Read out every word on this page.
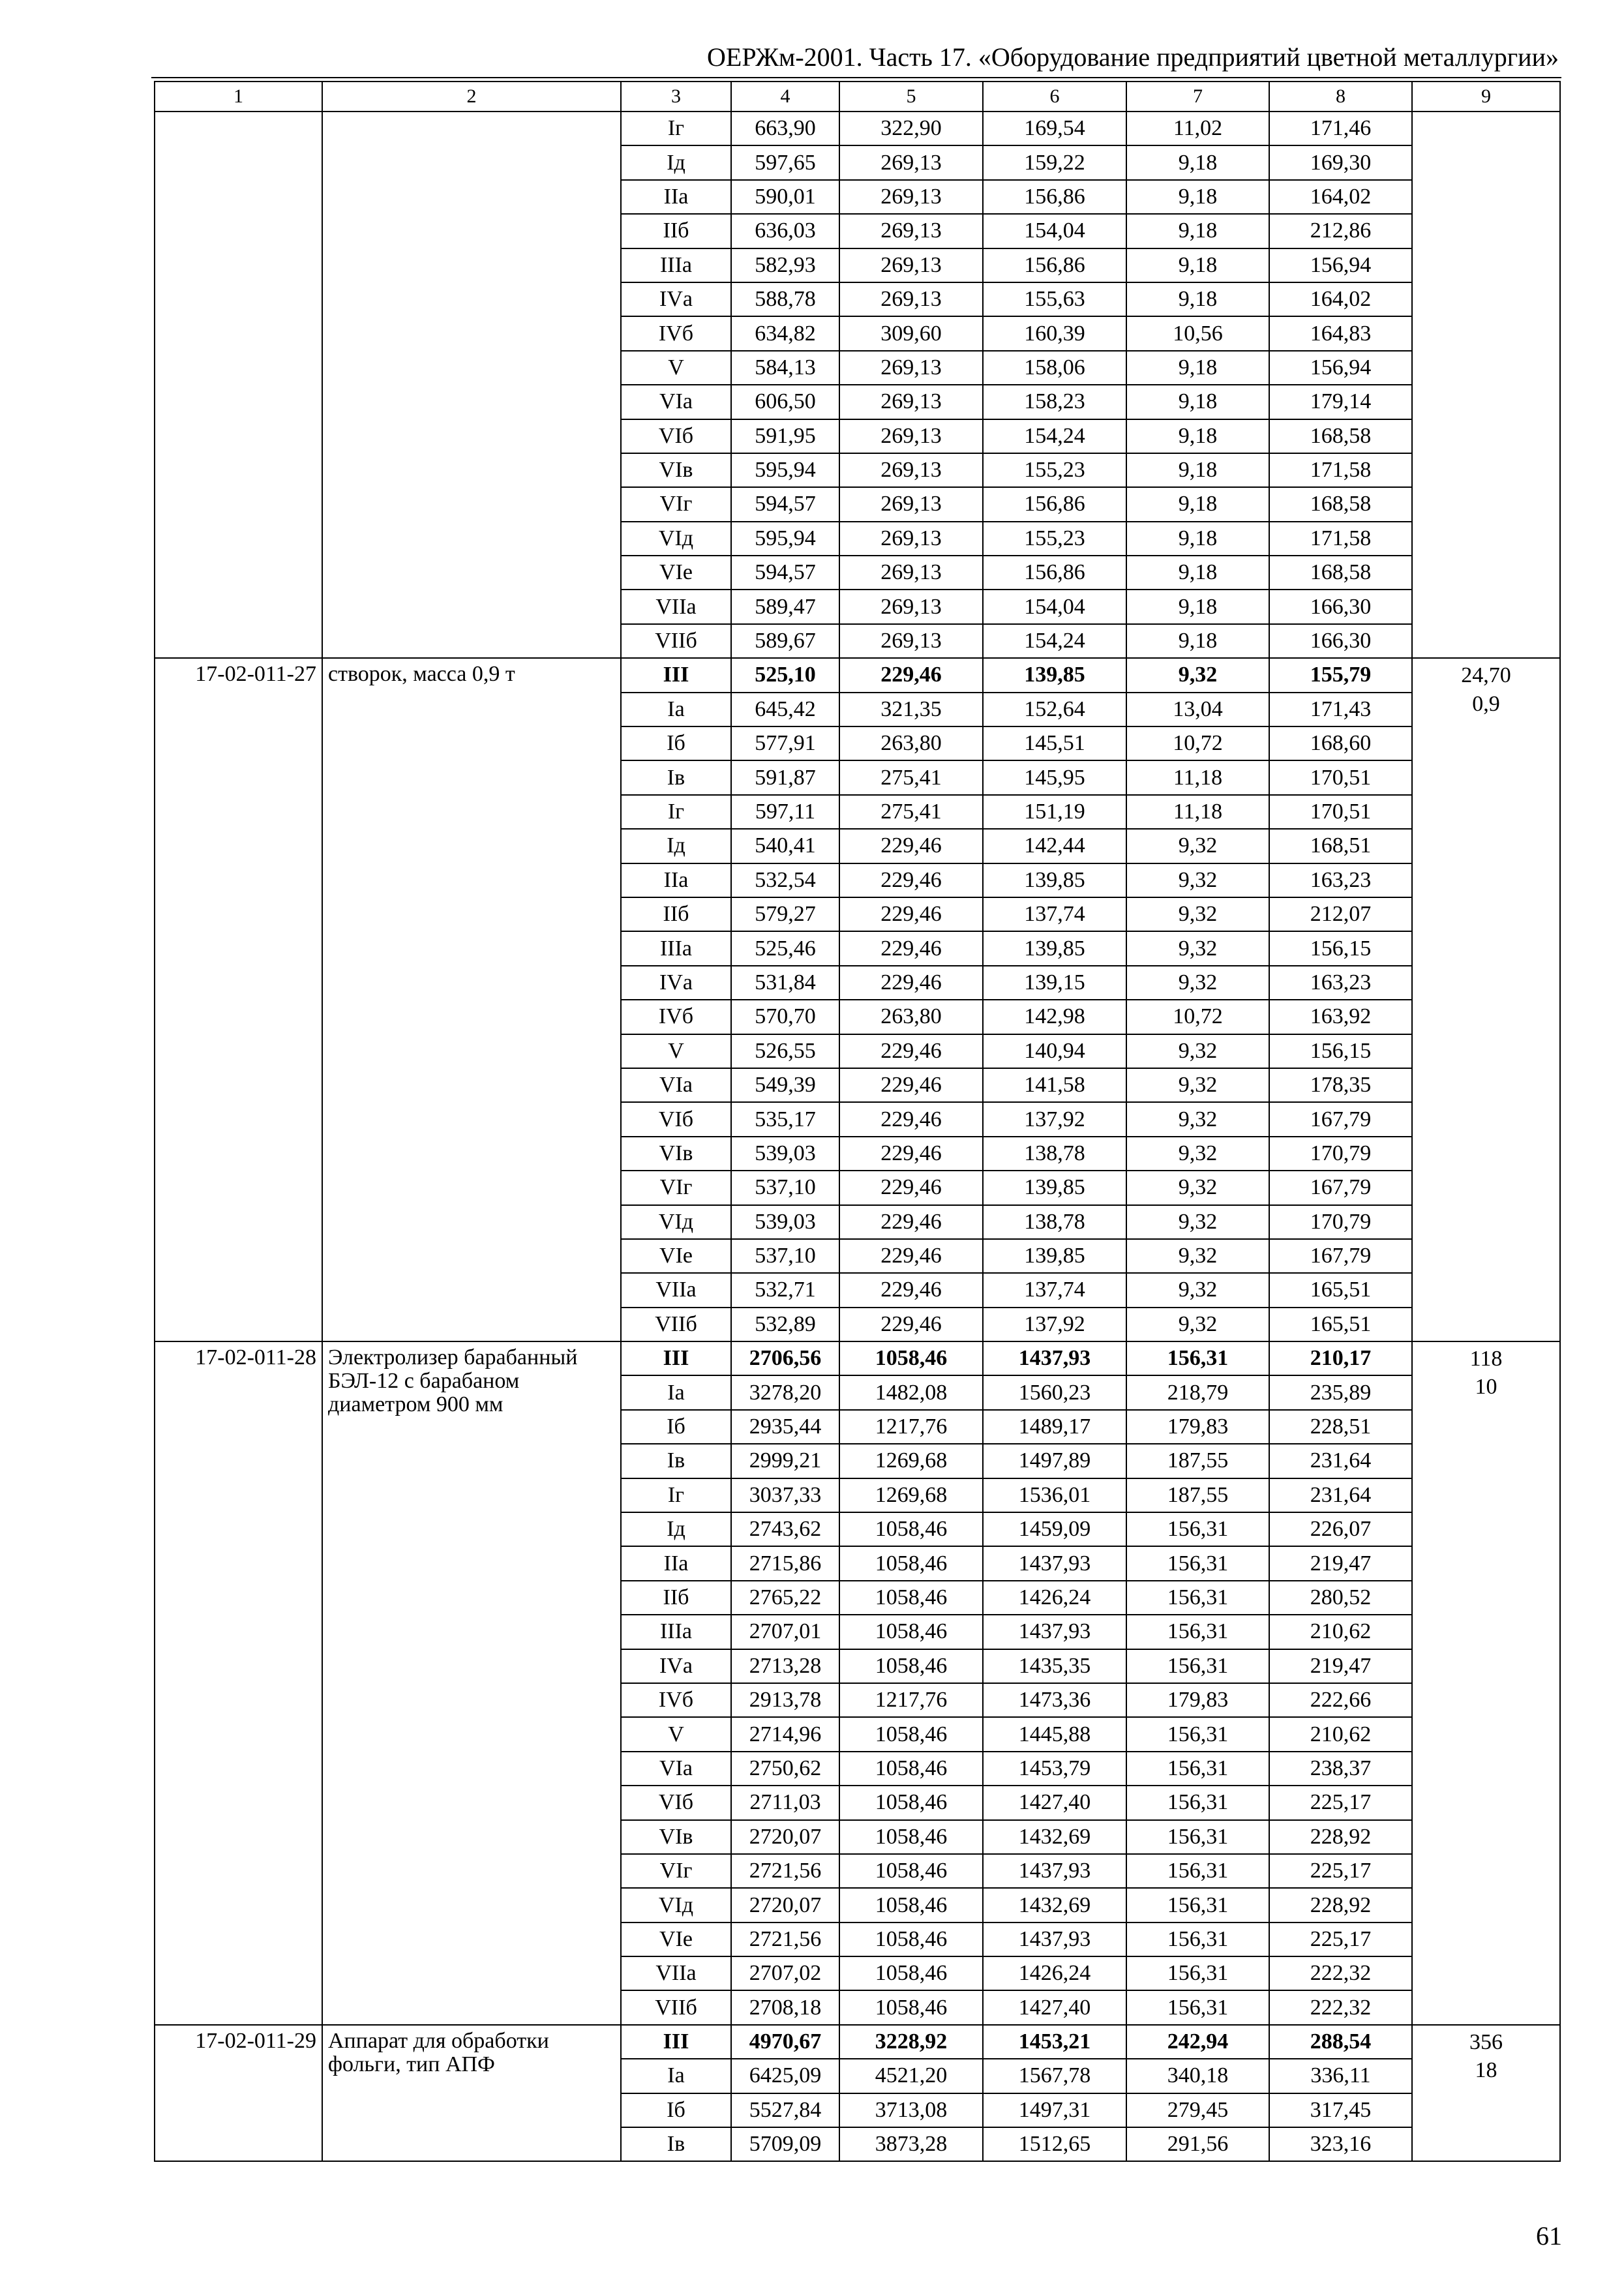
ОЕРЖм-2001. Часть 17. «Оборудование предприятий цветной металлургии»
1	2	3	4	5	6	7	8	9
		Iг	663,90	322,90	169,54	11,02	171,46	
		Iд	597,65	269,13	159,22	9,18	169,30	
		IIа	590,01	269,13	156,86	9,18	164,02	
		IIб	636,03	269,13	154,04	9,18	212,86	
		IIIа	582,93	269,13	156,86	9,18	156,94	
		IVа	588,78	269,13	155,63	9,18	164,02	
		IVб	634,82	309,60	160,39	10,56	164,83	
		V	584,13	269,13	158,06	9,18	156,94	
		VIа	606,50	269,13	158,23	9,18	179,14	
		VIб	591,95	269,13	154,24	9,18	168,58	
		VIв	595,94	269,13	155,23	9,18	171,58	
		VIг	594,57	269,13	156,86	9,18	168,58	
		VIд	595,94	269,13	155,23	9,18	171,58	
		VIе	594,57	269,13	156,86	9,18	168,58	
		VIIа	589,47	269,13	154,04	9,18	166,30	
		VIIб	589,67	269,13	154,24	9,18	166,30	
17-02-011-27	створок, масса 0,9 т	III	525,10	229,46	139,85	9,32	155,79	24,70
		Iа	645,42	321,35	152,64	13,04	171,43	0,9
		Iб	577,91	263,80	145,51	10,72	168,60	
		Iв	591,87	275,41	145,95	11,18	170,51	
		Iг	597,11	275,41	151,19	11,18	170,51	
		Iд	540,41	229,46	142,44	9,32	168,51	
		IIа	532,54	229,46	139,85	9,32	163,23	
		IIб	579,27	229,46	137,74	9,32	212,07	
		IIIа	525,46	229,46	139,85	9,32	156,15	
		IVа	531,84	229,46	139,15	9,32	163,23	
		IVб	570,70	263,80	142,98	10,72	163,92	
		V	526,55	229,46	140,94	9,32	156,15	
		VIа	549,39	229,46	141,58	9,32	178,35	
		VIб	535,17	229,46	137,92	9,32	167,79	
		VIв	539,03	229,46	138,78	9,32	170,79	
		VIг	537,10	229,46	139,85	9,32	167,79	
		VIд	539,03	229,46	138,78	9,32	170,79	
		VIе	537,10	229,46	139,85	9,32	167,79	
		VIIа	532,71	229,46	137,74	9,32	165,51	
		VIIб	532,89	229,46	137,92	9,32	165,51	
17-02-011-28	Электролизер барабанный БЭЛ-12 с барабаном диаметром 900 мм	III	2706,56	1058,46	1437,93	156,31	210,17	118
		Iа	3278,20	1482,08	1560,23	218,79	235,89	10
		Iб	2935,44	1217,76	1489,17	179,83	228,51	
		Iв	2999,21	1269,68	1497,89	187,55	231,64	
		Iг	3037,33	1269,68	1536,01	187,55	231,64	
		Iд	2743,62	1058,46	1459,09	156,31	226,07	
		IIа	2715,86	1058,46	1437,93	156,31	219,47	
		IIб	2765,22	1058,46	1426,24	156,31	280,52	
		IIIа	2707,01	1058,46	1437,93	156,31	210,62	
		IVа	2713,28	1058,46	1435,35	156,31	219,47	
		IVб	2913,78	1217,76	1473,36	179,83	222,66	
		V	2714,96	1058,46	1445,88	156,31	210,62	
		VIа	2750,62	1058,46	1453,79	156,31	238,37	
		VIб	2711,03	1058,46	1427,40	156,31	225,17	
		VIв	2720,07	1058,46	1432,69	156,31	228,92	
		VIг	2721,56	1058,46	1437,93	156,31	225,17	
		VIд	2720,07	1058,46	1432,69	156,31	228,92	
		VIе	2721,56	1058,46	1437,93	156,31	225,17	
		VIIа	2707,02	1058,46	1426,24	156,31	222,32	
		VIIб	2708,18	1058,46	1427,40	156,31	222,32	
17-02-011-29	Аппарат для обработки фольги, тип АПФ	III	4970,67	3228,92	1453,21	242,94	288,54	356
		Iа	6425,09	4521,20	1567,78	340,18	336,11	18
		Iб	5527,84	3713,08	1497,31	279,45	317,45	
		Iв	5709,09	3873,28	1512,65	291,56	323,16	
61
